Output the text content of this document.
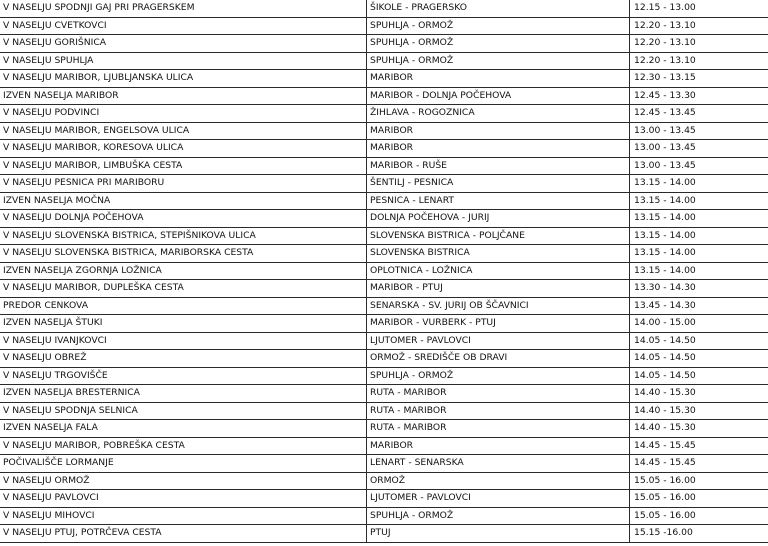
V NASELJU SPODNJI GAJ PRI PRAGERSKEM	ŠIKOLE - PRAGERSKO	12.15 - 13.00
V NASELJU CVETKOVCI	SPUHLJA - ORMOŽ	12.20 - 13.10
V NASELJU GORIŠNICA	SPUHLJA - ORMOŽ	12.20 - 13.10
V NASELJU SPUHLJA	SPUHLJA - ORMOŽ	12.20 - 13.10
V NASELJU MARIBOR, LJUBLJANSKA ULICA	MARIBOR	12.30 - 13.15
IZVEN NASELJA MARIBOR	MARIBOR - DOLNJA POČEHOVA	12.45 - 13.30
V NASELJU PODVINCI	ŽIHLAVA - ROGOZNICA	12.45 - 13.45
V NASELJU MARIBOR, ENGELSOVA ULICA	MARIBOR	13.00 - 13.45
V NASELJU MARIBOR, KORESOVA ULICA	MARIBOR	13.00 - 13.45
V NASELJU MARIBOR, LIMBUŠKA CESTA	MARIBOR - RUŠE	13.00 - 13.45
V NASELJU PESNICA PRI MARIBORU	ŠENTILJ - PESNICA	13.15 - 14.00
IZVEN NASELJA MOČNA	PESNICA - LENART	13.15 - 14.00
V NASELJU DOLNJA POČEHOVA	DOLNJA POČEHOVA - JURIJ	13.15 - 14.00
V NASELJU SLOVENSKA BISTRICA, STEPIŠNIKOVA ULICA	SLOVENSKA BISTRICA - POLJČANE	13.15 - 14.00
V NASELJU SLOVENSKA BISTRICA, MARIBORSKA CESTA	SLOVENSKA BISTRICA	13.15 - 14.00
IZVEN NASELJA ZGORNJA LOŽNICA	OPLOTNICA - LOŽNICA	13.15 - 14.00
V NASELJU MARIBOR, DUPLEŠKA CESTA	MARIBOR - PTUJ	13.30 - 14.30
PREDOR CENKOVA	SENARSKA - SV. JURIJ OB ŠČAVNICI	13.45 - 14.30
IZVEN NASELJA ŠTUKI	MARIBOR - VURBERK - PTUJ	14.00 - 15.00
V NASELJU IVANJKOVCI	LJUTOMER - PAVLOVCI	14.05 - 14.50
V NASELJU OBREŽ	ORMOŽ - SREDIŠČE OB DRAVI	14.05 - 14.50
V NASELJU TRGOVIŠČE	SPUHLJA - ORMOŽ	14.05 - 14.50
IZVEN NASELJA BRESTERNICA	RUTA - MARIBOR	14.40 - 15.30
V NASELJU SPODNJA SELNICA	RUTA - MARIBOR	14.40 - 15.30
IZVEN NASELJA FALA	RUTA - MARIBOR	14.40 - 15.30
V NASELJU MARIBOR, POBREŠKA CESTA	MARIBOR	14.45 - 15.45
POČIVALIŠČE LORMANJE	LENART - SENARSKA	14.45 - 15.45
V NASELJU ORMOŽ	ORMOŽ	15.05 - 16.00
V NASELJU PAVLOVCI	LJUTOMER - PAVLOVCI	15.05 - 16.00
V NASELJU MIHOVCI	SPUHLJA - ORMOŽ	15.05 - 16.00
V NASELJU PTUJ, POTRČEVA CESTA	PTUJ	15.15 -16.00
